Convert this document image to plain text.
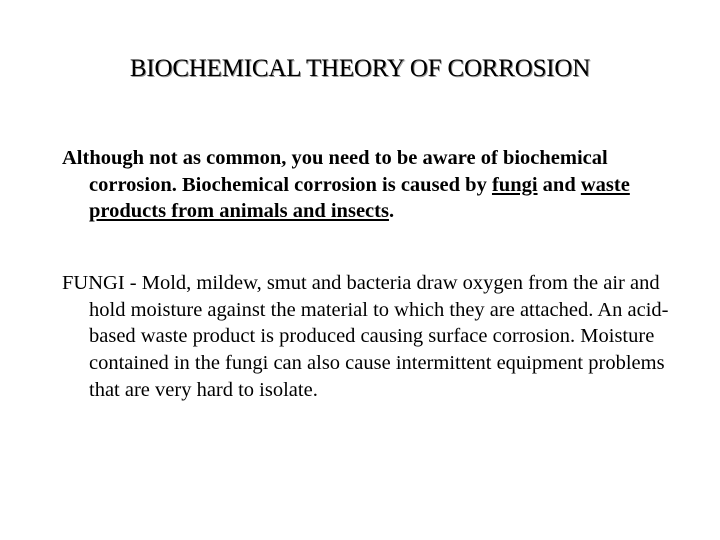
BIOCHEMICAL THEORY OF CORROSION

Although not as common, you need to be aware of biochemical corrosion. Biochemical corrosion is caused by fungi and waste products from animals and insects.

FUNGI - Mold, mildew, smut and bacteria draw oxygen from the air and hold moisture against the material to which they are attached. An acid-based waste product is produced causing surface corrosion. Moisture contained in the fungi can also cause intermittent equipment problems that are very hard to isolate.
